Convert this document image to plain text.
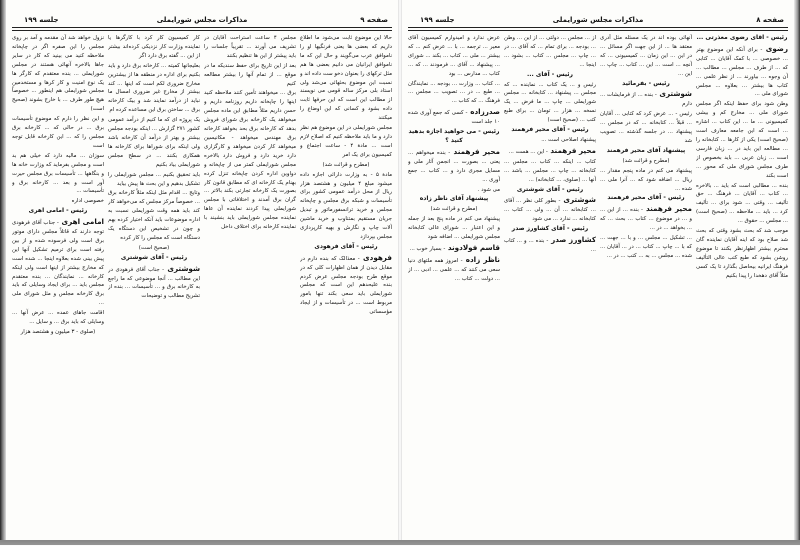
صفحه ۹
مذاکرات مجلس شورایملی
جلسه ۱۹۹

حالا این موضوع ثابت می‌شود ما اطلاع داریم که بعضی ها یعنی فرنگیها او را ناموافق عرب می‌گویند و حال این که ما ناموافق ایرانیان می دانیم بعضی ها هم مثل ترکهای را بعنوان دخو ست داده اند و نسبت این موضوع بحثهائی می‌شد ولی استاد بلی مرکز ساله قومی می نویسند از مطالب این است که این حرفها ثابت داده بشود و کسانی که این اوضاع را میکنند

مجلس شورایملی در این موضوع هم نظر دارد و ما باید ملاحظه کنیم که اصلاح لازم است ... مادة ۴ - ساعت اجتماع و کمیسیون برای یک امر

(مطرح و قرائت شد)

مادة ۵ - به وزارت دارائی اجازه داده میشود مبلغ ۴ میلیون و هشتصد هزار ریال از محل درآمد عمومی کشور برای تأسیسات و شبکه برق مجلس و چاپخانه مجلس و خرید ترانسفورماتور و تبدیل جریان مستقیم بمتناوب و خرید ماشین آلات چاپ و نگارش و بهیه کارپردازی مجلس بپردازد

رئیس - آقای فرهودی

فرهودی - معذالک که بنده دارم در مقابل دیدن از همان اظهارات کلی که در موقع طرح بودجه مجلس عرض کردم بنده علیحدهم این است که مجلس شورایملی باید سعی بکند تنها بامور مربوط است ... در تأسیسات و از ایجاد مؤسساتی

مجلس ۴ ساعت استراحت آقایان در تشریف می آورند ... تقریباً جلسات را باید پیشتر از این ها تنظیم بکنند

بعد از این تاریخ برای حفظ سندیکه ما در موقع ... از تمام آنها را بیشتر مطالعه کنیم

برق ... میخواهند تأمین کنند ملاحظه کنید اینها را چاپخانه داریم روزنامه داریم و حسن داریم مثلاً مطابق این ماده مجلس میخواهد یک کارخانه برق شورای فروش بدهد که کارخانه برق بحد بخواهد کارخانه برق مهندس میخواهد - مکانیسین میخواهد کار کردن میخواهد و کارگزاری دارد خرید دارد و فروش دارد بالاخره مجلس شورایملی کمتر می از چاپخانه و دواوین اداره کردن چاپخانه تنزل کرده بهنام یک کارخانه ای که مطابق قانون کار بصورت یک کارخانه تجارتی بکند بالاتر ... گران برق آمدند و اختلافاتی با مجلس شورایملی پیدا کردند نماینده آن عاها نماینده مجلس شورایملی باید بنشیند با نماینده کارخانه برای اختلاف داخل

کار کمیسیون کار کرد با کارگرها یا نماینده وزارت کار نزدیکی کرده‌اند بیشتر از این ... گفته برق دارد اگر

بعلیجانها کمیته ... کارخانه برق دارد و باید بکنیم برای اداره در منطقه ها از بیشترین مخارج ضروری لکم است که اینها ... کند بیشتر از مخارج غیر ضروری امسال ما نباید از درآمد نمایند شد و بیک کارخانه برق ... ساختن برق این مساعده کرده ام

یک پروژه ای که ما کنیم از درآمد عمومی کشور ۲۷۱ گزارش ... اینکه بودجه مجلس بیشتر و بهتر از درآمد آن کارخانه باشد ولی اینکه برای شوراها برای کارخانه ها همکاری بکنند ... در سطح مجلس شورایملی بیاد بکنیم

باید تحقیق بکنیم ... مجلس شورایملی را تشکیل بدهیم و این بحث ها پیش بیاید

وتایج ... اقدام مثل اینکه مثلاً کارخانه برق ... خصوصاً مرکز مجلس که می‌خواهد کار کند باید همه وقت شورایملی نسبت به اداره موضوعات باید آنکه اختیار کرده بهم و چون در تشخیص این دستگاه یک دستگاه است که مجلس را کار کرده

(صحیح است)

رئیس - آقای شوشتری

شوشتری - جناب آقای فرهودی در این مطالب ... آنجا موضوعی که ما راجع به کارخانه برق و ... تأسیسات ... بنده از تشریح مطالب و توضیحات

نزول خواهد شد آن مقدمه و آمد بر روی مجلس را این صفره اگر در چاپخانه ملاحظه کنید می بینید که کار در سایر جاها بالاخره آنهائی هستند در مجلس شورایملی ... بنده معتقدم که کارگر ها یک نوع امنیت و کار کرها و مستخدمین مجلس شورایملی هم اینطور ... خصوصاً هیچ طور طرف ... با خارج بشوند (صحیح است)

و این نظر را دارم که موضوع تأسیسات برق ... در حالی که ... کارخانه برق مجلس را که ... این کارخانه قابل توجه است

سوزان ... مالیه دارد که خیلی هم بد است و مجلس بفرماید که وزارت خانه ها و بنگاهها ... تأسیسات برق مجلس حیرت آور است و بعد ... کارخانه برق و تأسیسات ...

خصوصی اداره

رئیس - امامی اهری

امامی اهری - جناب آقای فرهودی توجه دارند که قاتلاً مجلس دارای موتور برق است ولی فرسوده شده و از بین رفته است برای ترمیم تشکیل آنها این پیش بینی شده بعلاوه اینجا ... شده است که مخارج بیشتر از اینها است ولی اینکه کارخانه ... نمایندگان ... بنده معتقدم مجلس باید ... برای ایجاد وسایلی که باید برق کارخانه مجلس و مثل شورای ملی ...

اقامت جاهای عمده ... عرض آنها ... وسایلی که باید برق ... و سایل ...

(صلوی - ۳ میلیون و هشتصد هزار

صفحه ۸
مذاکرات مجلس شورایملی
جلسه ۱۹۹

رئیس - آقای رضوی معذرتی ...

رضوی - برای آنکه این موضوع بهتر ... خصوصی ... با کمک آقایان ... کتابی که ... از طرف ... مجلس ... مطالب ... آن وجوه ... بیاورند ... از نظر علمی ... کتاب ها بیشتر ... بعلاوه ... مجلس شورای ملی ...

وطن شود برای حفظ اینکه اگر مجلس شورای ملی ... مخارج کم و بیشی کمیسیونی ... ما ... این کتاب ... اشاره ... است که این جامعه معارف است (صحیح است) یکی از کارها ... کتابخانه را ... مطالعه این باید در ... زبان فارسی است ... زبان عربی ... باید بخصوص از طرف مجلس شورای ملی که محور ... است بکند

بنده ... مطالبی است که باید ... بالاخره ... کتاب ... آقایان ... فرهنگ ... حق تألیف ... وقتی ... شود برای ... تألیف کرد ... باید ... ملاحظه ... (صحیح است) ... مجلس ... حقوق ...

موجب شد که بحث بشود وقتی که بحث شد صلاح بود که اینه آقایان نماینده گان محترم بیشتر اظهارنظر بکنند تا موضوع روشن بشود که طبع کتب عالی التألیف فرهنگ ایرانیه بیحاصل بگذارد تا یک کسی مثلاً آقای دهخدا را پیدا بکنیم

آنهائی بوده اند در یک مسئله مثل آدری معتقد ها ... از این جهت اگر مسائل ... در این ... این زمان ... کمیسیونی ... که آنچه ... است ... این ... کتاب ... چاپ ... این ...

رئیس - بفرمائید

شوشتری - بنده ... از فرمایشات ... دارم

رئیس - ... عرض کرد که کتابی ... آقایان ... قبلاً ... کتابخانه ... که در مجلس ... پیشنهاد ... در جلسه گذشته ... تصویب شد

پیشنهاد آقای محیر فرهمند

(مطرح و قرائت شد)

پیشنهاد می کنم در ماده پنجم مقدار ... ریال ... اضافه شود که ... آنرا ملی ... شده ...

رئیس - آقای محیر فرهمند

محیر فرهمند - بنده ... از این ... و ... در موضوع ... کتاب ... بحث ... که ... بخواهد ... در ...

... تشکیل ... مجلس ... و با ... جهت ... که با ... چاپ ... کتاب ... در ... آقایان ... شده ... مجلس ... به ... کتب ... در ...

از ... مجلس ... دولتی ... از این ... وطن ... بودجه ... برای تمام ... که آقای ... در ... چاپ ... مجلس ... کتاب ... بشود ... اینجا ...

رئیس - آقای ...

رئیس و ... یک کتاب ... نماینده ... که مجلس ... پیشنهاد ... کتابخانه ... مجلس شورایملی ... چاپ ... ما فرض ... یک نسخه ... هزار ... تومان ... برای طبع کتب ... (صحیح است)

رئیس - آقای محیر فرهمند

پیشنهاد اصلاحی است ...

محیر فرهمند - این ... هست ...

کتاب ... اینکه ... کتاب ... مجلس ... کتابخانه ... چاپ ... مجلس ... باشد ... آنها ... (صلوی، ... کتابخانه) ...

رئیس - آقای شوشتری

شوشتری - بطور کلی نظر ... آقای ... کتابخانه ... آن ... ولی ... کتاب ... کتابخانه ... ندارد ... می شود

رئیس - آقای کشاورز صدر

کشاورز صدر - بنده ... و ... کتاب ...

عرض ندارد و امیدوارم کمیسیون آقای معیر ... ترجمه ... با ... عرض کنم ... که بیشتر ... ملی ... کتاب ... بکند ... شورای ... پیشنهاد ... آقای ... فرمودند ... که ... کتاب ... مدارس ... بود

... کتاب ... وزارت ... بودجه ... نمایندگان ... طبع ... در ... تصویب ... مجلس ... فرهنگ ... که کتاب ...

صدرزاده - کسی که جمع آوری شده ۱۰ جلد است

رئیس - می خواهید اجازه بدهید کنید ؟

محیر فرهمند - بنده میخواهم ... یعنی ... بصورت ... انجمن آثار ملی و مسایل مجری دارد و ... کتاب ... جمع آوری ...

می شود .

پیشنهاد آقای ناظر زاده

(مطرح و قرائت شد)

پیشنهاد می کنم در ماده پنج بعد از جمله و این اعتبار ... شورای عالی کتابخانه مجلس شورایملی ... اضافه شود

قاسم فولادوند - بسیار خوب ...

ناظر زاده - امروز همه ملتهای دنیا سعی می کنند که ... علمی ... ادبی ... از ... دولت ... کتاب ...
